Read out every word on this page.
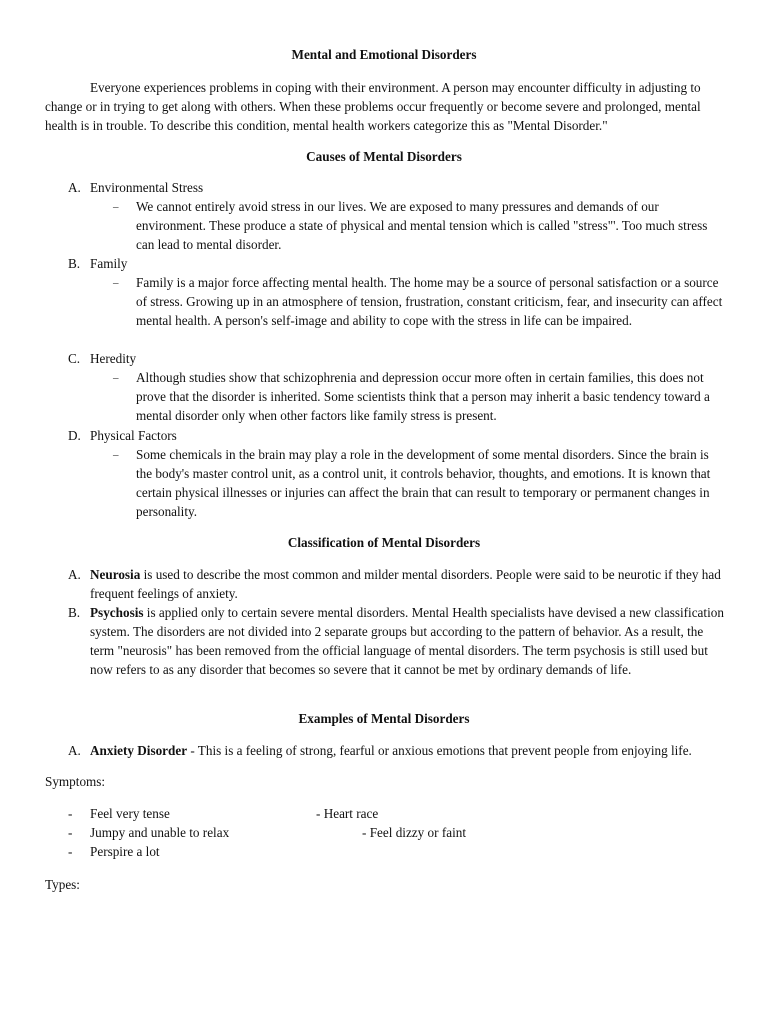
Mental and Emotional Disorders
Everyone experiences problems in coping with their environment. A person may encounter difficulty in adjusting to change or in trying to get along with others. When these problems occur frequently or become severe and prolonged, mental health is in trouble. To describe this condition, mental health workers categorize this as "Mental Disorder."
Causes of Mental Disorders
A. Environmental Stress
– We cannot entirely avoid stress in our lives. We are exposed to many pressures and demands of our environment. These produce a state of physical and mental tension which is called "stress"'. Too much stress can lead to mental disorder.
B. Family
– Family is a major force affecting mental health. The home may be a source of personal satisfaction or a source of stress. Growing up in an atmosphere of tension, frustration, constant criticism, fear, and insecurity can affect mental health. A person's self-image and ability to cope with the stress in life can be impaired.
C. Heredity
– Although studies show that schizophrenia and depression occur more often in certain families, this does not prove that the disorder is inherited. Some scientists think that a person may inherit a basic tendency toward a mental disorder only when other factors like family stress is present.
D. Physical Factors
– Some chemicals in the brain may play a role in the development of some mental disorders. Since the brain is the body's master control unit, as a control unit, it controls behavior, thoughts, and emotions. It is known that certain physical illnesses or injuries can affect the brain that can result to temporary or permanent changes in personality.
Classification of Mental Disorders
A. Neurosia is used to describe the most common and milder mental disorders. People were said to be neurotic if they had frequent feelings of anxiety.
B. Psychosis is applied only to certain severe mental disorders. Mental Health specialists have devised a new classification system. The disorders are not divided into 2 separate groups but according to the pattern of behavior. As a result, the term "neurosis" has been removed from the official language of mental disorders. The term psychosis is still used but now refers to as any disorder that becomes so severe that it cannot be met by ordinary demands of life.
Examples of Mental Disorders
A. Anxiety Disorder - This is a feeling of strong, fearful or anxious emotions that prevent people from enjoying life.
Symptoms:
- Feel very tense	- Heart race
- Jumpy and unable to relax	- Feel dizzy or faint
- Perspire a lot
Types:
